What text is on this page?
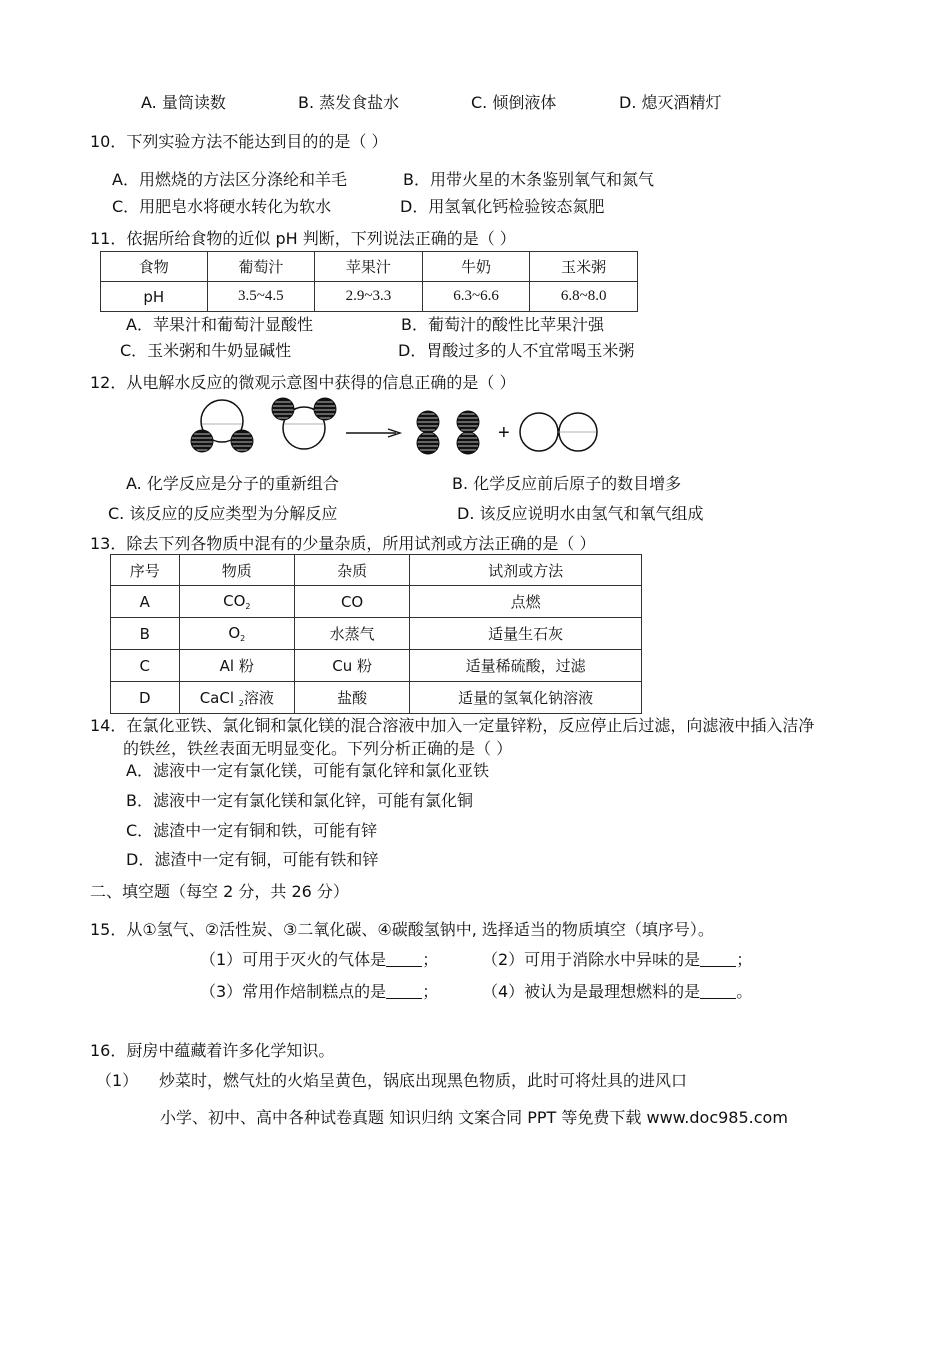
A. 量筒读数	B. 蒸发食盐水	C. 倾倒液体	D. 熄灭酒精灯
10．下列实验方法不能达到目的的是（ ）
A．用燃烧的方法区分涤纶和羊毛	B．用带火星的木条鉴别氧气和氮气
C．用肥皂水将硬水转化为软水	D．用氢氧化钙检验铵态氮肥
11．依据所给食物的近似 pH 判断，下列说法正确的是（ ）
食物	葡萄汁	苹果汁	牛奶	玉米粥
pH	3.5~4.5	2.9~3.3	6.3~6.6	6.8~8.0
A．苹果汁和葡萄汁显酸性	B．葡萄汁的酸性比苹果汁强
C．玉米粥和牛奶显碱性	D．胃酸过多的人不宜常喝玉米粥
12．从电解水反应的微观示意图中获得的信息正确的是（ ）
+
A. 化学反应是分子的重新组合	B. 化学反应前后原子的数目增多
C. 该反应的反应类型为分解反应	D. 该反应说明水由氢气和氧气组成
13．除去下列各物质中混有的少量杂质，所用试剂或方法正确的是（ ）
序号	物质	杂质	试剂或方法
A	$CO_2$	CO	点燃
B	$O_2$	水蒸气	适量生石灰
C	Al 粉	Cu 粉	适量稀硫酸，过滤
D	CaCl $_2$溶液	盐酸	适量的氢氧化钠溶液
14．在氯化亚铁、氯化铜和氯化镁的混合溶液中加入一定量锌粉，反应停止后过滤，向滤液中插入洁净
的铁丝，铁丝表面无明显变化。下列分析正确的是（ ）
A．滤液中一定有氯化镁，可能有氯化锌和氯化亚铁
B．滤液中一定有氯化镁和氯化锌，可能有氯化铜
C．滤渣中一定有铜和铁，可能有锌
D．滤渣中一定有铜，可能有铁和锌
二、填空题（每空 2 分，共 26 分）
15．从①氢气、②活性炭、③二氧化碳、④碳酸氢钠中, 选择适当的物质填空（填序号）。
（1）可用于灭火的气体是 ；	（2）可用于消除水中异味的是 ；
（3）常用作焙制糕点的是 ；	（4）被认为是最理想燃料的是 。
16．厨房中蕴藏着许多化学知识。
（1） 炒菜时，燃气灶的火焰呈黄色，锅底出现黑色物质，此时可将灶具的进风口
小学、初中、高中各种试卷真题 知识归纳 文案合同 PPT 等免费下载 www.doc985.com
